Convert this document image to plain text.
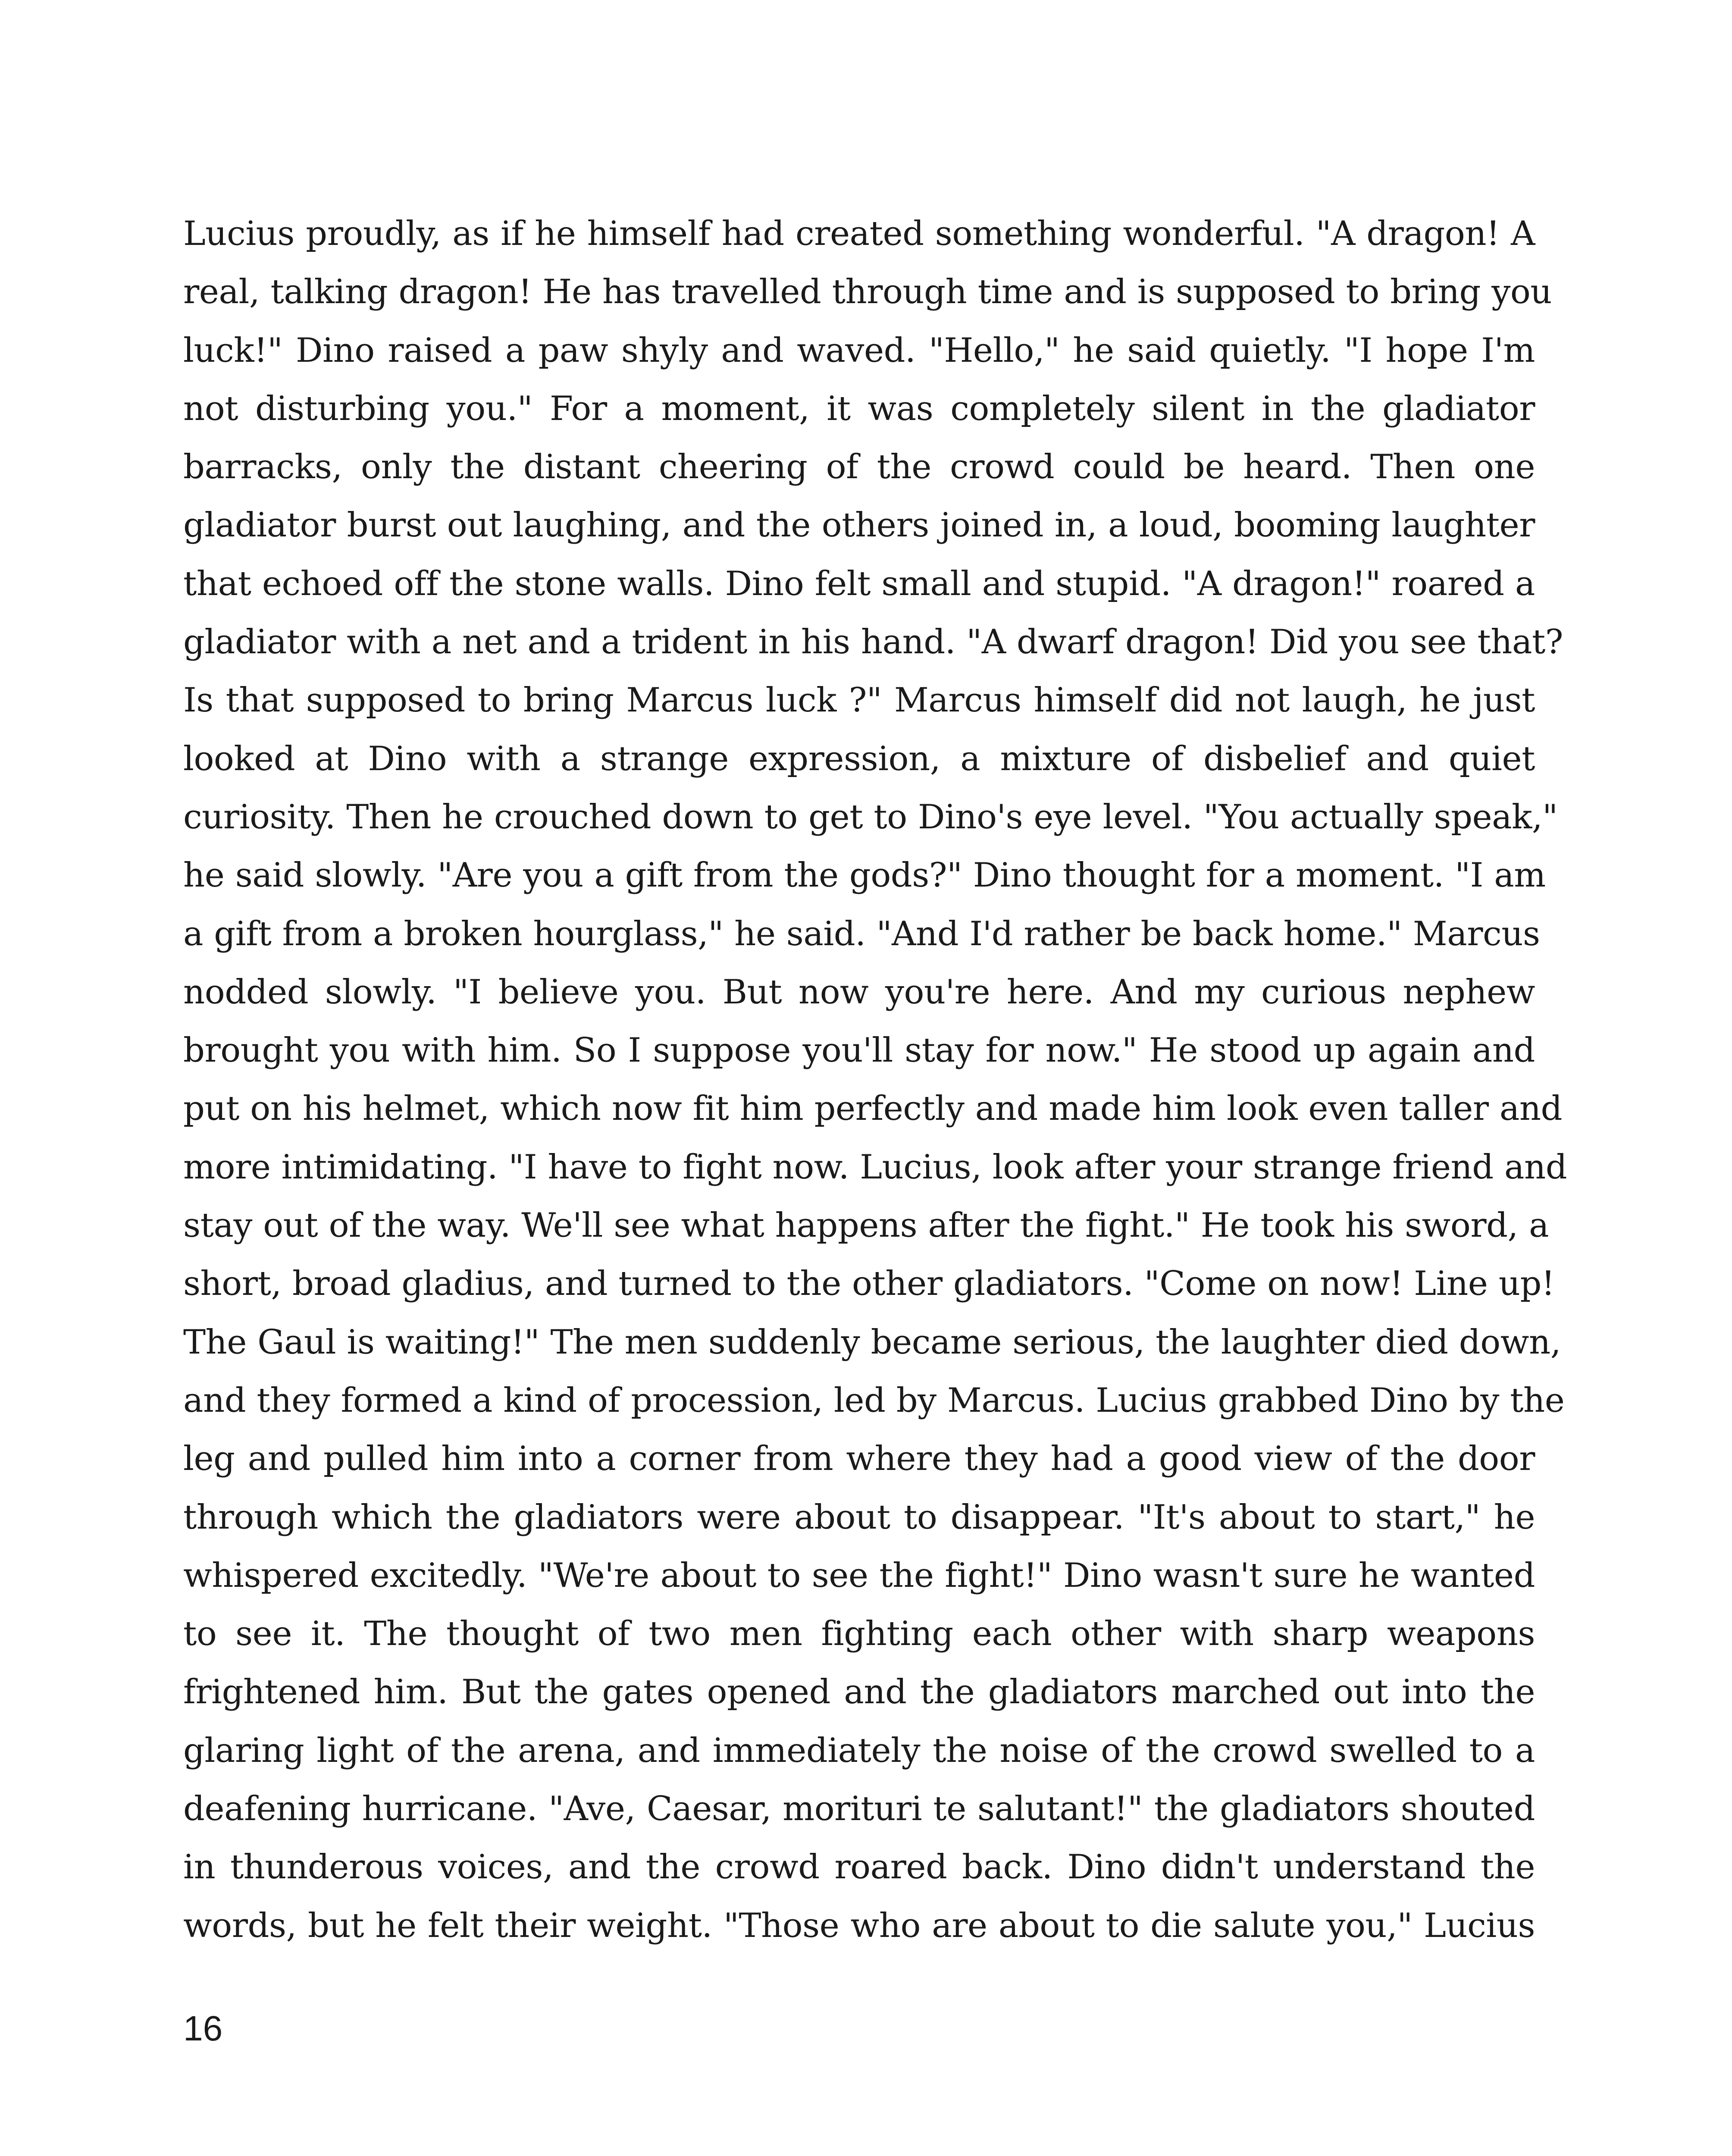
Lucius proudly, as if he himself had created something wonderful. "A dragon! A
real, talking dragon! He has travelled through time and is supposed to bring you
luck!" Dino raised a paw shyly and waved. "Hello," he said quietly. "I hope I'm
not disturbing you." For a moment, it was completely silent in the gladiator
barracks, only the distant cheering of the crowd could be heard. Then one
gladiator burst out laughing, and the others joined in, a loud, booming laughter
that echoed off the stone walls. Dino felt small and stupid. "A dragon!" roared a
gladiator with a net and a trident in his hand. "A dwarf dragon! Did you see that?
Is that supposed to bring Marcus luck ?" Marcus himself did not laugh, he just
looked at Dino with a strange expression, a mixture of disbelief and quiet
curiosity. Then he crouched down to get to Dino's eye level. "You actually speak,"
he said slowly. "Are you a gift from the gods?" Dino thought for a moment. "I am
a gift from a broken hourglass," he said. "And I'd rather be back home." Marcus
nodded slowly. "I believe you. But now you're here. And my curious nephew
brought you with him. So I suppose you'll stay for now." He stood up again and
put on his helmet, which now fit him perfectly and made him look even taller and
more intimidating. "I have to fight now. Lucius, look after your strange friend and
stay out of the way. We'll see what happens after the fight." He took his sword, a
short, broad gladius, and turned to the other gladiators. "Come on now! Line up!
The Gaul is waiting!" The men suddenly became serious, the laughter died down,
and they formed a kind of procession, led by Marcus. Lucius grabbed Dino by the
leg and pulled him into a corner from where they had a good view of the door
through which the gladiators were about to disappear. "It's about to start," he
whispered excitedly. "We're about to see the fight!" Dino wasn't sure he wanted
to see it. The thought of two men fighting each other with sharp weapons
frightened him. But the gates opened and the gladiators marched out into the
glaring light of the arena, and immediately the noise of the crowd swelled to a
deafening hurricane. "Ave, Caesar, morituri te salutant!" the gladiators shouted
in thunderous voices, and the crowd roared back. Dino didn't understand the
words, but he felt their weight. "Those who are about to die salute you," Lucius
16
